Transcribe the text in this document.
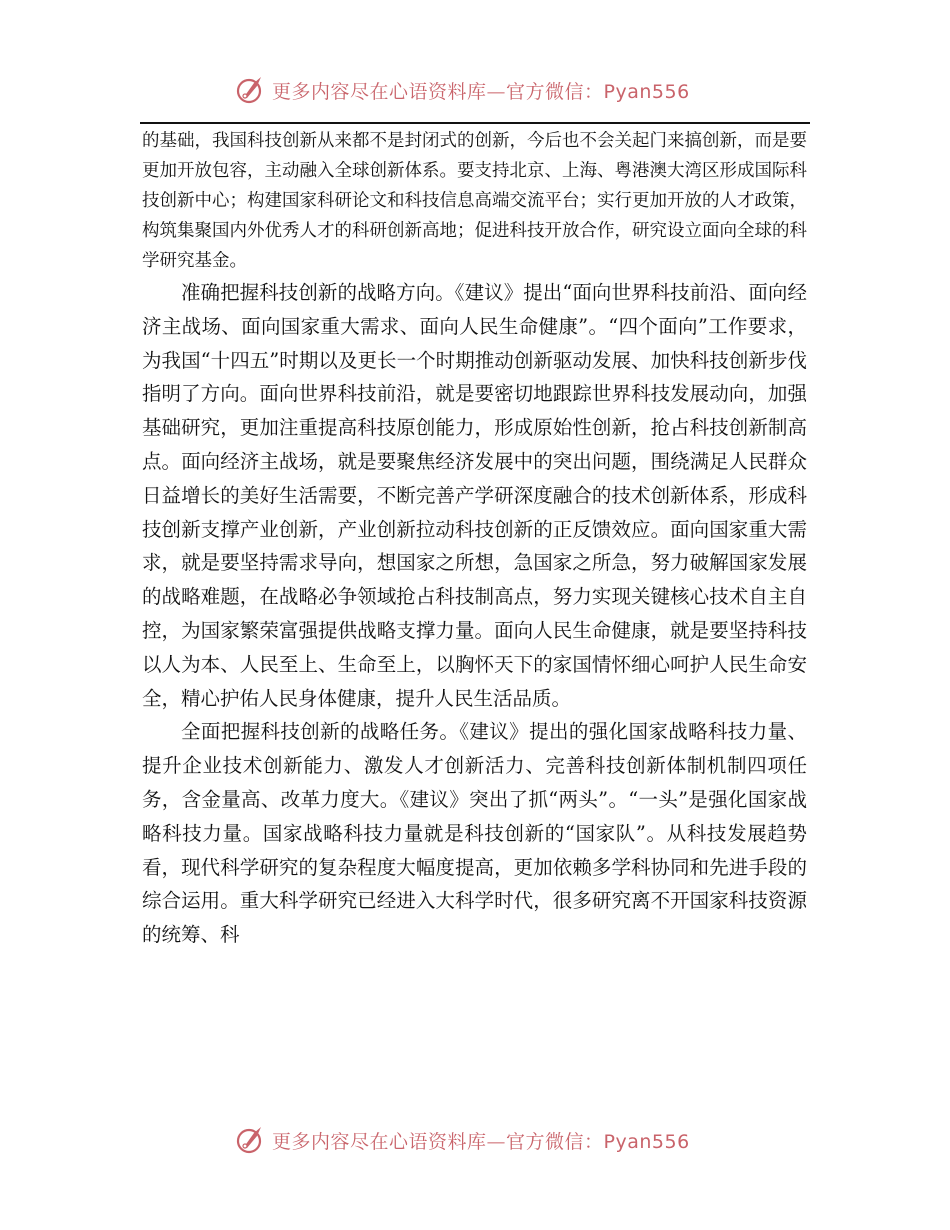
更多内容尽在心语资料库—官方微信：Pyan556

的基础，我国科技创新从来都不是封闭式的创新，今后也不会关起门来搞创新，而是要更加开放包容，主动融入全球创新体系。要支持北京、上海、粤港澳大湾区形成国际科技创新中心；构建国家科研论文和科技信息高端交流平台；实行更加开放的人才政策，构筑集聚国内外优秀人才的科研创新高地；促进科技开放合作，研究设立面向全球的科学研究基金。

准确把握科技创新的战略方向。《建议》提出“面向世界科技前沿、面向经济主战场、面向国家重大需求、面向人民生命健康”。“四个面向”工作要求，为我国“十四五”时期以及更长一个时期推动创新驱动发展、加快科技创新步伐指明了方向。面向世界科技前沿，就是要密切地跟踪世界科技发展动向，加强基础研究，更加注重提高科技原创能力，形成原始性创新，抢占科技创新制高点。面向经济主战场，就是要聚焦经济发展中的突出问题，围绕满足人民群众日益增长的美好生活需要，不断完善产学研深度融合的技术创新体系，形成科技创新支撑产业创新，产业创新拉动科技创新的正反馈效应。面向国家重大需求，就是要坚持需求导向，想国家之所想，急国家之所急，努力破解国家发展的战略难题，在战略必争领域抢占科技制高点，努力实现关键核心技术自主自控，为国家繁荣富强提供战略支撑力量。面向人民生命健康，就是要坚持科技以人为本、人民至上、生命至上，以胸怀天下的家国情怀细心呵护人民生命安全，精心护佑人民身体健康，提升人民生活品质。

全面把握科技创新的战略任务。《建议》提出的强化国家战略科技力量、提升企业技术创新能力、激发人才创新活力、完善科技创新体制机制四项任务，含金量高、改革力度大。《建议》突出了抓“两头”。“一头”是强化国家战略科技力量。国家战略科技力量就是科技创新的“国家队”。从科技发展趋势看，现代科学研究的复杂程度大幅度提高，更加依赖多学科协同和先进手段的综合运用。重大科学研究已经进入大科学时代，很多研究离不开国家科技资源的统筹、科

更多内容尽在心语资料库—官方微信：Pyan556
